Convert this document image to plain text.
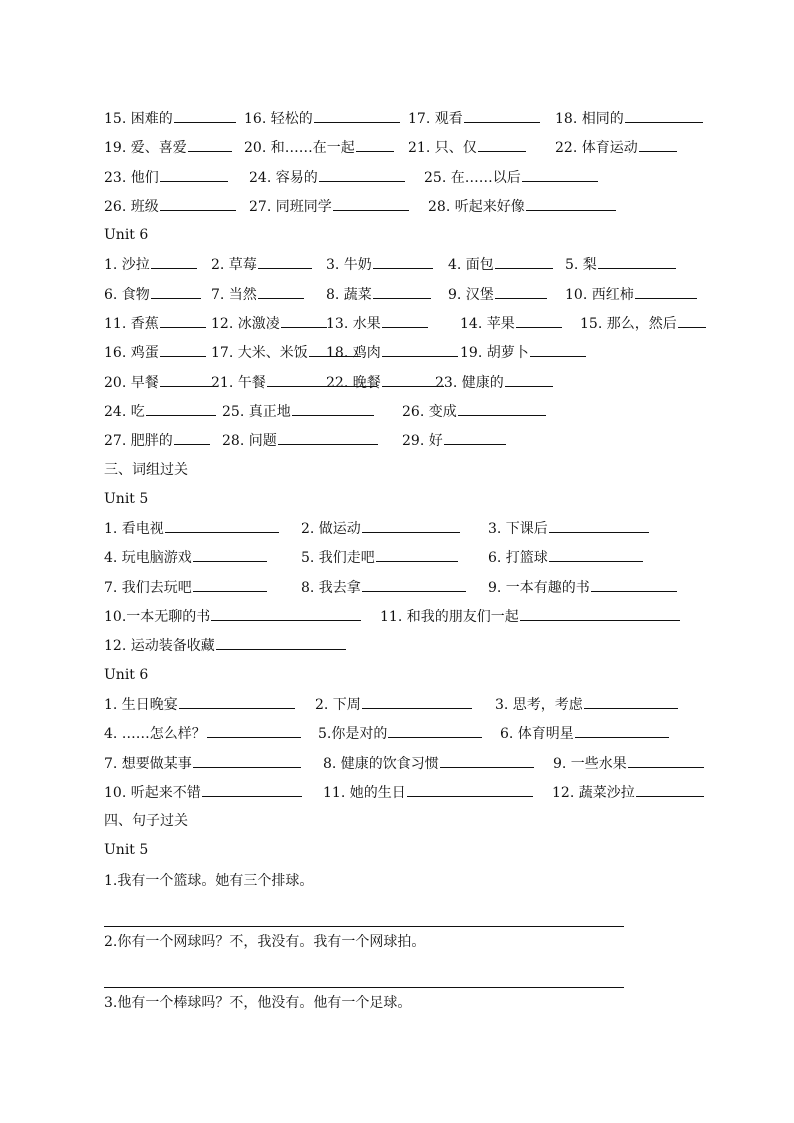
15. 困难的	16. 轻松的	17. 观看	18. 相同的
19. 爱、喜爱	20. 和……在一起	21. 只、仅	22. 体育运动
23. 他们	24. 容易的	25. 在……以后
26. 班级	27. 同班同学	28. 听起来好像
Unit 6
1. 沙拉	2. 草莓	3. 牛奶	4. 面包	5. 梨
6. 食物	7. 当然	8. 蔬菜	9. 汉堡	10. 西红柿
11. 香蕉	12. 冰激凌	13. 水果	14. 苹果	15. 那么，然后
16. 鸡蛋	17. 大米、米饭	18. 鸡肉	19. 胡萝卜
20. 早餐	21. 午餐	22. 晚餐	23. 健康的
24. 吃	25. 真正地	26. 变成
27. 肥胖的	28. 问题	29. 好
三、词组过关
Unit 5
1. 看电视	2. 做运动	3. 下课后
4. 玩电脑游戏	5. 我们走吧	6. 打篮球
7. 我们去玩吧	8. 我去拿	9. 一本有趣的书
10.一本无聊的书	11. 和我的朋友们一起
12. 运动装备收藏
Unit 6
1. 生日晚宴	2. 下周	3. 思考，考虑
4. ……怎么样？	5.你是对的	6. 体育明星
7. 想要做某事	8. 健康的饮食习惯	9. 一些水果
10. 听起来不错	11. 她的生日	12. 蔬菜沙拉
四、句子过关
Unit 5
1.我有一个篮球。她有三个排球。
2.你有一个网球吗？不，我没有。我有一个网球拍。
3.他有一个棒球吗？不，他没有。他有一个足球。
